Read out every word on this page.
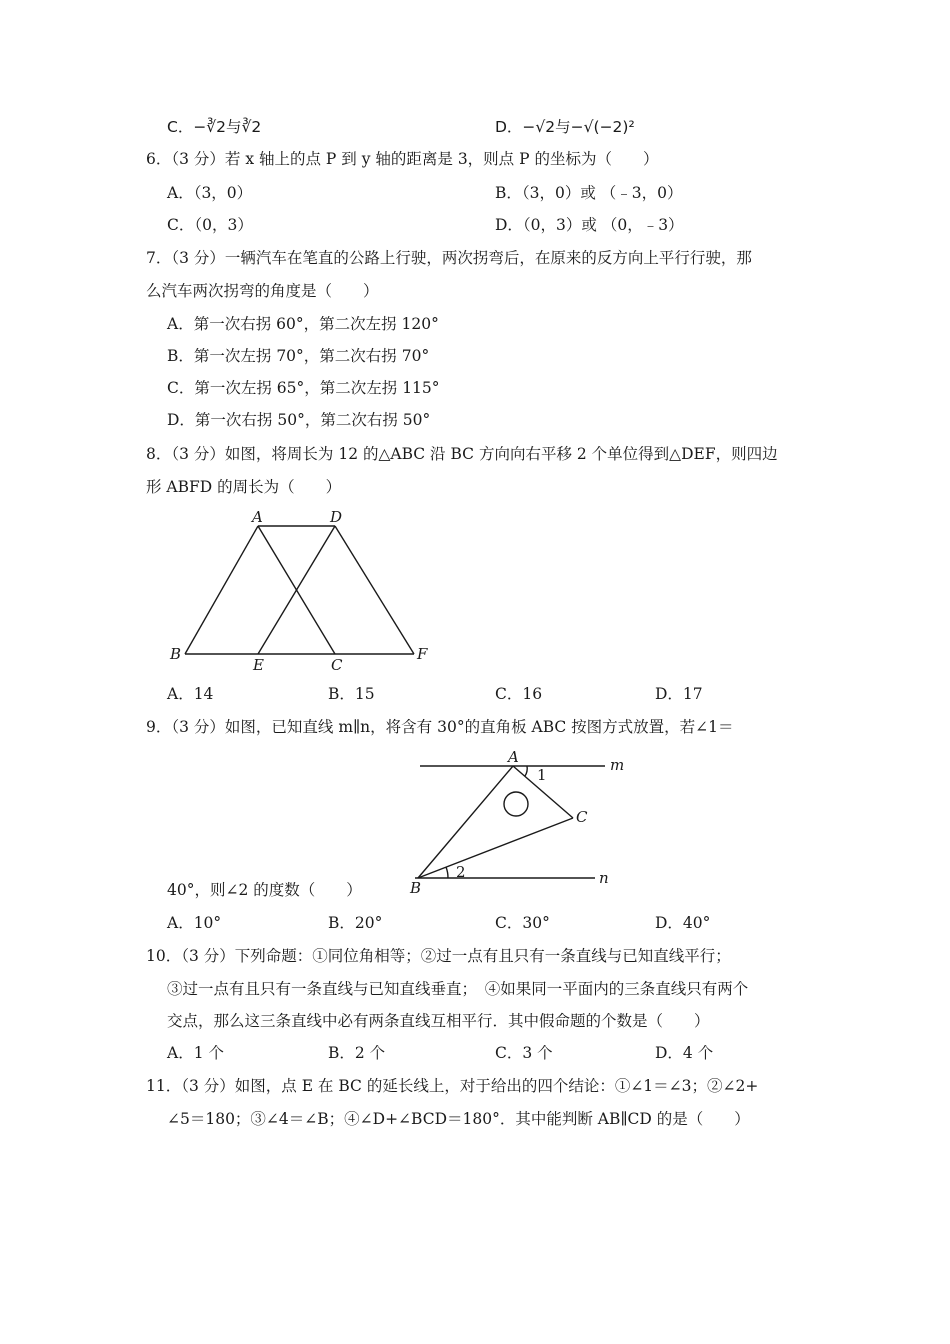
C．−∛2与∛2	D．−√2与−√(−2)²
6．（3 分）若 x 轴上的点 P 到 y 轴的距离是 3，则点 P 的坐标为（　　）
A．（3，0）	B．（3，0）或 （﹣3，0）
C．（0，3）	D．（0，3）或 （0，﹣3）
7．（3 分）一辆汽车在笔直的公路上行驶，两次拐弯后，在原来的反方向上平行行驶，那
么汽车两次拐弯的角度是（　　）
A．第一次右拐 60°，第二次左拐 120°
B．第一次左拐 70°，第二次右拐 70°
C．第一次左拐 65°，第二次左拐 115°
D．第一次右拐 50°，第二次右拐 50°
8．（3 分）如图，将周长为 12 的△ABC 沿 BC 方向向右平移 2 个单位得到△DEF，则四边
形 ABFD 的周长为（　　）
A	D
B
E	C
F
A．14	B．15	C．16	D．17
9．（3 分）如图，已知直线 m∥n，将含有 30°的直角板 ABC 按图方式放置，若∠1＝
A	m
1
C
2	n
B
40°，则∠2 的度数（　　）
A．10°	B．20°	C．30°	D．40°
10．（3 分）下列命题：①同位角相等；②过一点有且只有一条直线与已知直线平行；
③过一点有且只有一条直线与已知直线垂直；　④如果同一平面内的三条直线只有两个
交点，那么这三条直线中必有两条直线互相平行．其中假命题的个数是（　　）
A．1 个	B．2 个	C．3 个	D．4 个
11．（3 分）如图，点 E 在 BC 的延长线上，对于给出的四个结论：①∠1＝∠3；②∠2+
∠5＝180；③∠4＝∠B；④∠D+∠BCD＝180°．其中能判断 AB∥CD 的是（　　）
